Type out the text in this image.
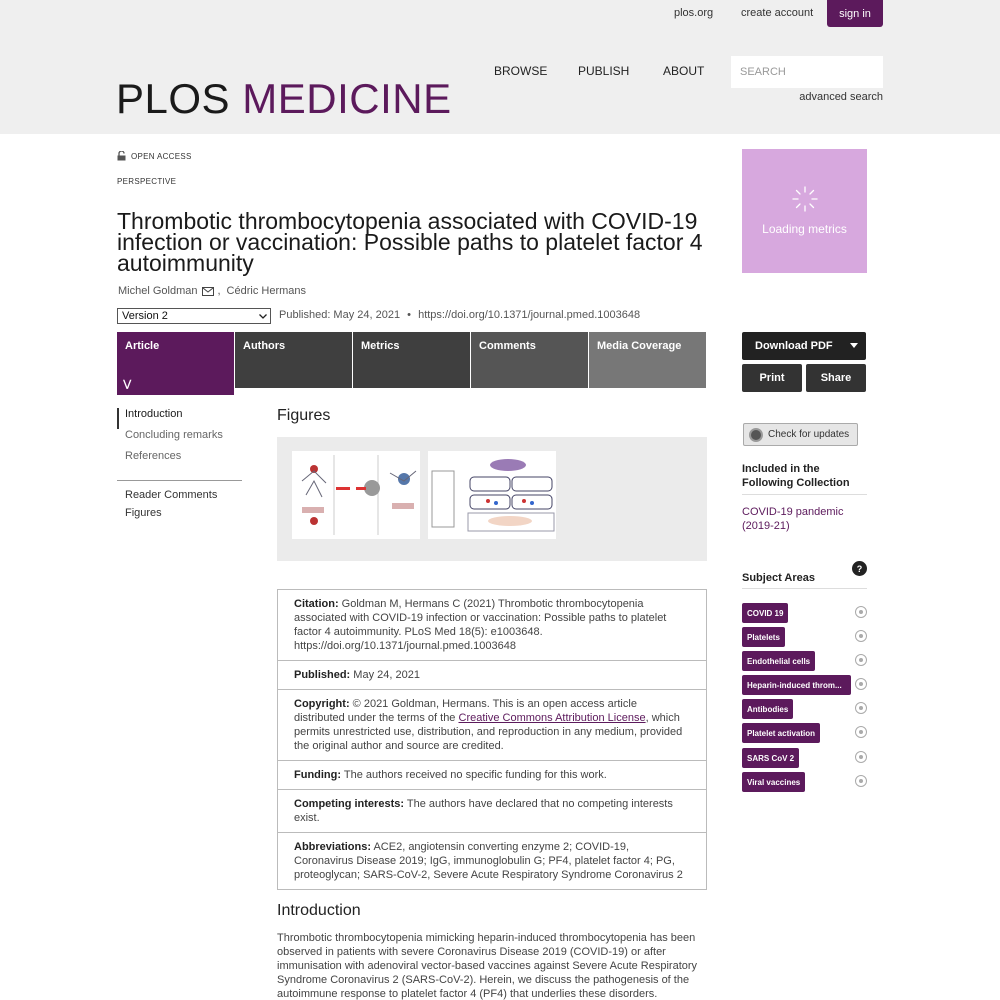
plos.org	create account	sign in
PLOS MEDICINE
BROWSE	PUBLISH	ABOUT	SEARCH
advanced search
OPEN ACCESS
PERSPECTIVE
Thrombotic thrombocytopenia associated with COVID-19 infection or vaccination: Possible paths to platelet factor 4 autoimmunity
Michel Goldman , Cédric Hermans
Version 2	Published: May 24, 2021 • https://doi.org/10.1371/journal.pmed.1003648
Article
⋁
Authors	Metrics	Comments	Media Coverage
Introduction
Concluding remarks
References
Reader Comments
Figures
Figures
Citation: Goldman M, Hermans C (2021) Thrombotic thrombocytopenia associated with COVID-19 infection or vaccination: Possible paths to platelet factor 4 autoimmunity. PLoS Med 18(5): e1003648. https://doi.org/10.1371/journal.pmed.1003648
Published: May 24, 2021
Copyright: © 2021 Goldman, Hermans. This is an open access article distributed under the terms of the Creative Commons Attribution License, which permits unrestricted use, distribution, and reproduction in any medium, provided the original author and source are credited.
Funding: The authors received no specific funding for this work.
Competing interests: The authors have declared that no competing interests exist.
Abbreviations: ACE2, angiotensin converting enzyme 2; COVID-19, Coronavirus Disease 2019; IgG, immunoglobulin G; PF4, platelet factor 4; PG, proteoglycan; SARS-CoV-2, Severe Acute Respiratory Syndrome Coronavirus 2
Introduction

Thrombotic thrombocytopenia mimicking heparin-induced thrombocytopenia has been observed in patients with severe Coronavirus Disease 2019 (COVID-19) or after immunisation with adenoviral vector-based vaccines against Severe Acute Respiratory Syndrome Coronavirus 2 (SARS-CoV-2). Herein, we discuss the pathogenesis of the autoimmune response to platelet factor 4 (PF4) that underlies these disorders.

Loading metrics
Download PDF
Print	Share
Check for updates
Included in the Following Collection
COVID-19 pandemic (2019-21)
Subject Areas
?
COVID 19
Platelets
Endothelial cells
Heparin-induced throm...
Antibodies
Platelet activation
SARS CoV 2
Viral vaccines
